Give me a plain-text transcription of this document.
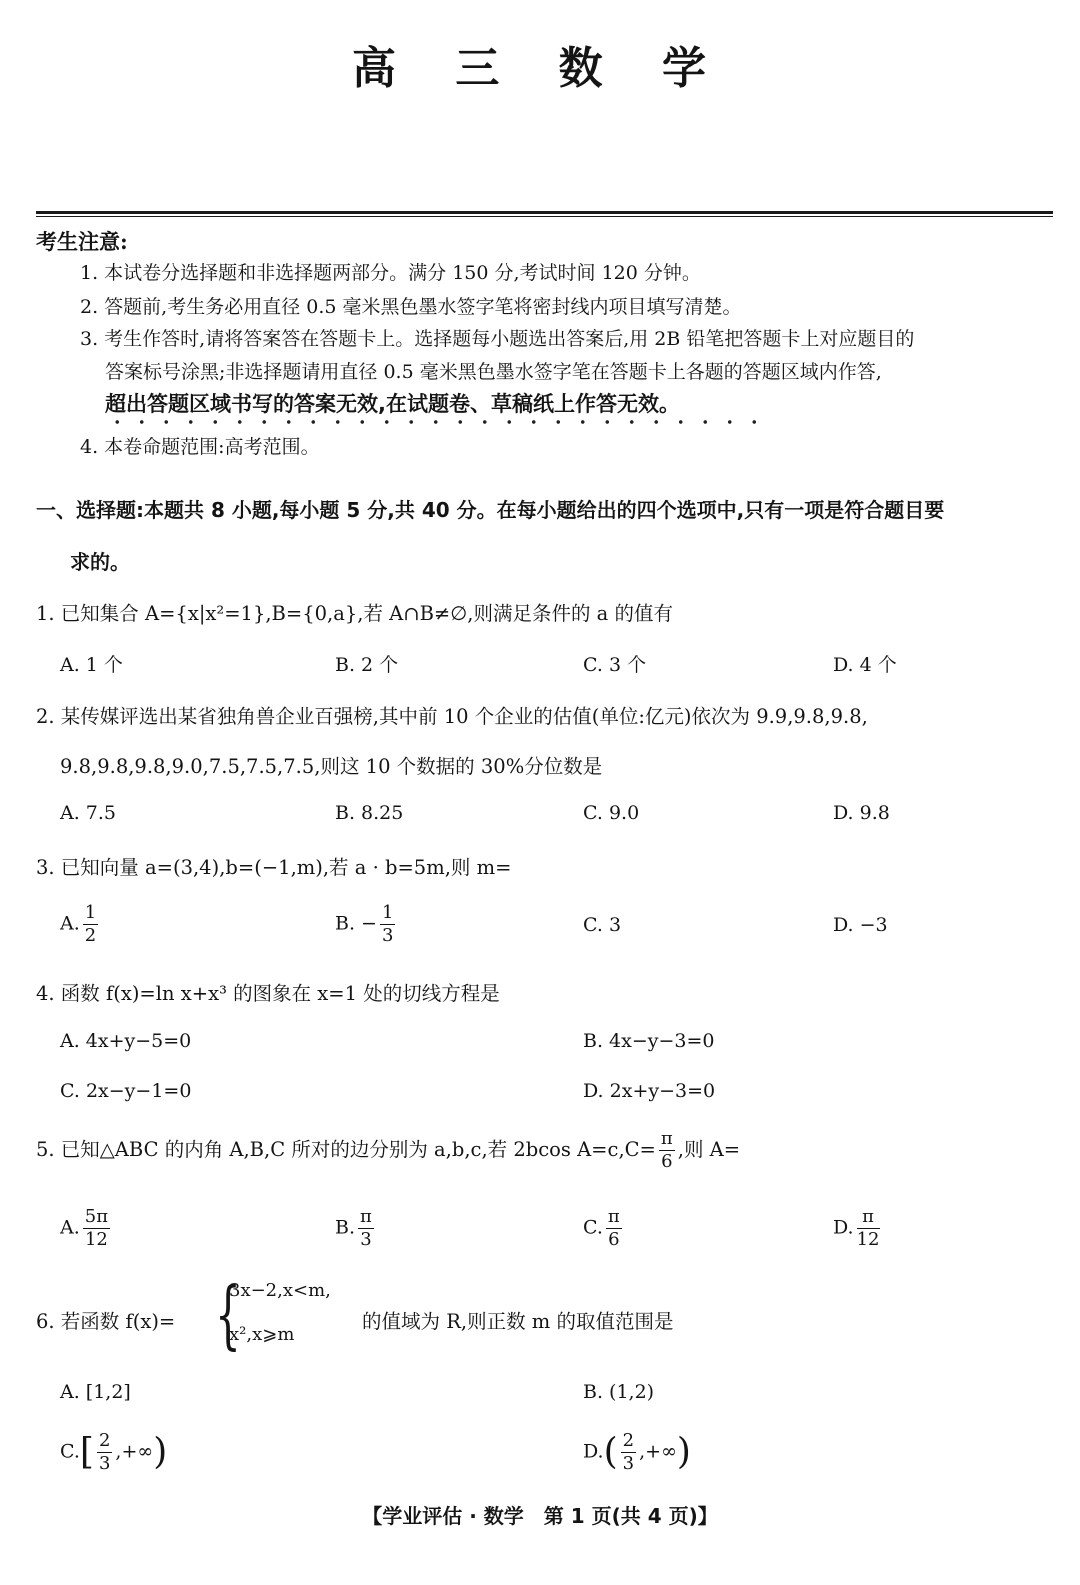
高 三 数 学
考生注意:
1. 本试卷分选择题和非选择题两部分。满分 150 分,考试时间 120 分钟。
2. 答题前,考生务必用直径 0.5 毫米黑色墨水签字笔将密封线内项目填写清楚。
3. 考生作答时,请将答案答在答题卡上。选择题每小题选出答案后,用 2B 铅笔把答题卡上对应题目的
答案标号涂黑;非选择题请用直径 0.5 毫米黑色墨水签字笔在答题卡上各题的答题区域内作答,
超出答题区域书写的答案无效,在试题卷、草稿纸上作答无效。
4. 本卷命题范围:高考范围。
一、选择题:本题共 8 小题,每小题 5 分,共 40 分。在每小题给出的四个选项中,只有一项是符合题目要
求的。
1. 已知集合 A={x|x²=1},B={0,a},若 A∩B≠∅,则满足条件的 a 的值有
A. 1 个	B. 2 个	C. 3 个	D. 4 个
2. 某传媒评选出某省独角兽企业百强榜,其中前 10 个企业的估值(单位:亿元)依次为 9.9,9.8,9.8,
9.8,9.8,9.8,9.0,7.5,7.5,7.5,则这 10 个数据的 30%分位数是
A. 7.5	B. 8.25	C. 9.0	D. 9.8
3. 已知向量 a=(3,4),b=(−1,m),若 a · b=5m,则 m=
A. $\frac{1}{2}$	B. − $\frac{1}{3}$	C. 3	D. −3
4. 函数 f(x)=ln x+x³ 的图象在 x=1 处的切线方程是
A. 4x+y−5=0	B. 4x−y−3=0
C. 2x−y−1=0	D. 2x+y−3=0
5. 已知△ABC 的内角 A,B,C 所对的边分别为 a,b,c,若 2bcos $A=c,C= \frac{\pi}{6}$ ,则 A=
A. $\frac{5\pi}{12}$	B. $\frac{\pi}{3}$	C. $\frac{\pi}{6}$	D. $\frac{\pi}{12}$
6. 若函数 f(x)= {
3x−2,x<m,
x²,x⩾m
的值域为 R,则正数 m 的取值范围是
A. [1,2]	B. (1,2)
$C.[ \frac{2}{3}$ ,+∞)	$D.( \frac{2}{3}$ ,+∞)
【学业评估 · 数学　第 1 页(共 4 页)】
